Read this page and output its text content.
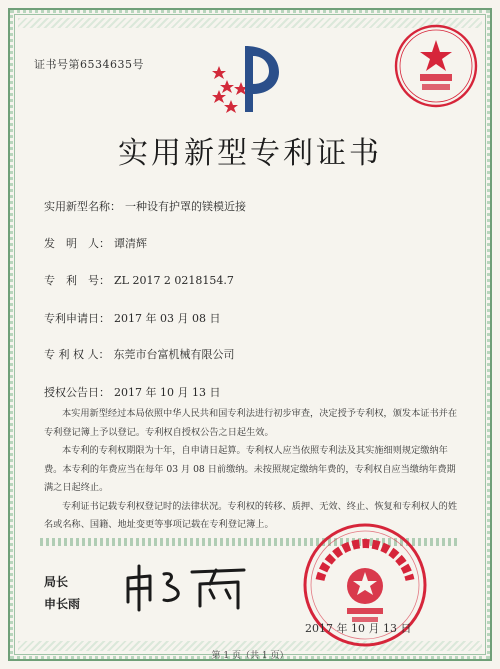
证书号第6534635号
实用新型专利证书
实用新型名称： 一种设有护罩的镁模近接
发　明　人： 谭清辉
专　利　号： ZL 2017 2 0218154.7
专利申请日： 2017 年 03 月 08 日
专 利 权 人： 东莞市台富机械有限公司
授权公告日： 2017 年 10 月 13 日

本实用新型经过本局依照中华人民共和国专利法进行初步审查，决定授予专利权，颁发本证书并在专利登记簿上予以登记。专利权自授权公告之日起生效。

本专利的专利权期限为十年，自申请日起算。专利权人应当依照专利法及其实施细则规定缴纳年费。本专利的年费应当在每年 03 月 08 日前缴纳。未按照规定缴纳年费的，专利权自应当缴纳年费期满之日起终止。

专利证书记载专利权登记时的法律状况。专利权的转移、质押、无效、终止、恢复和专利权人的姓名或名称、国籍、地址变更等事项记载在专利登记簿上。

局长
申长雨
2017 年 10 月 13 日
第 1 页（共 1 页）
